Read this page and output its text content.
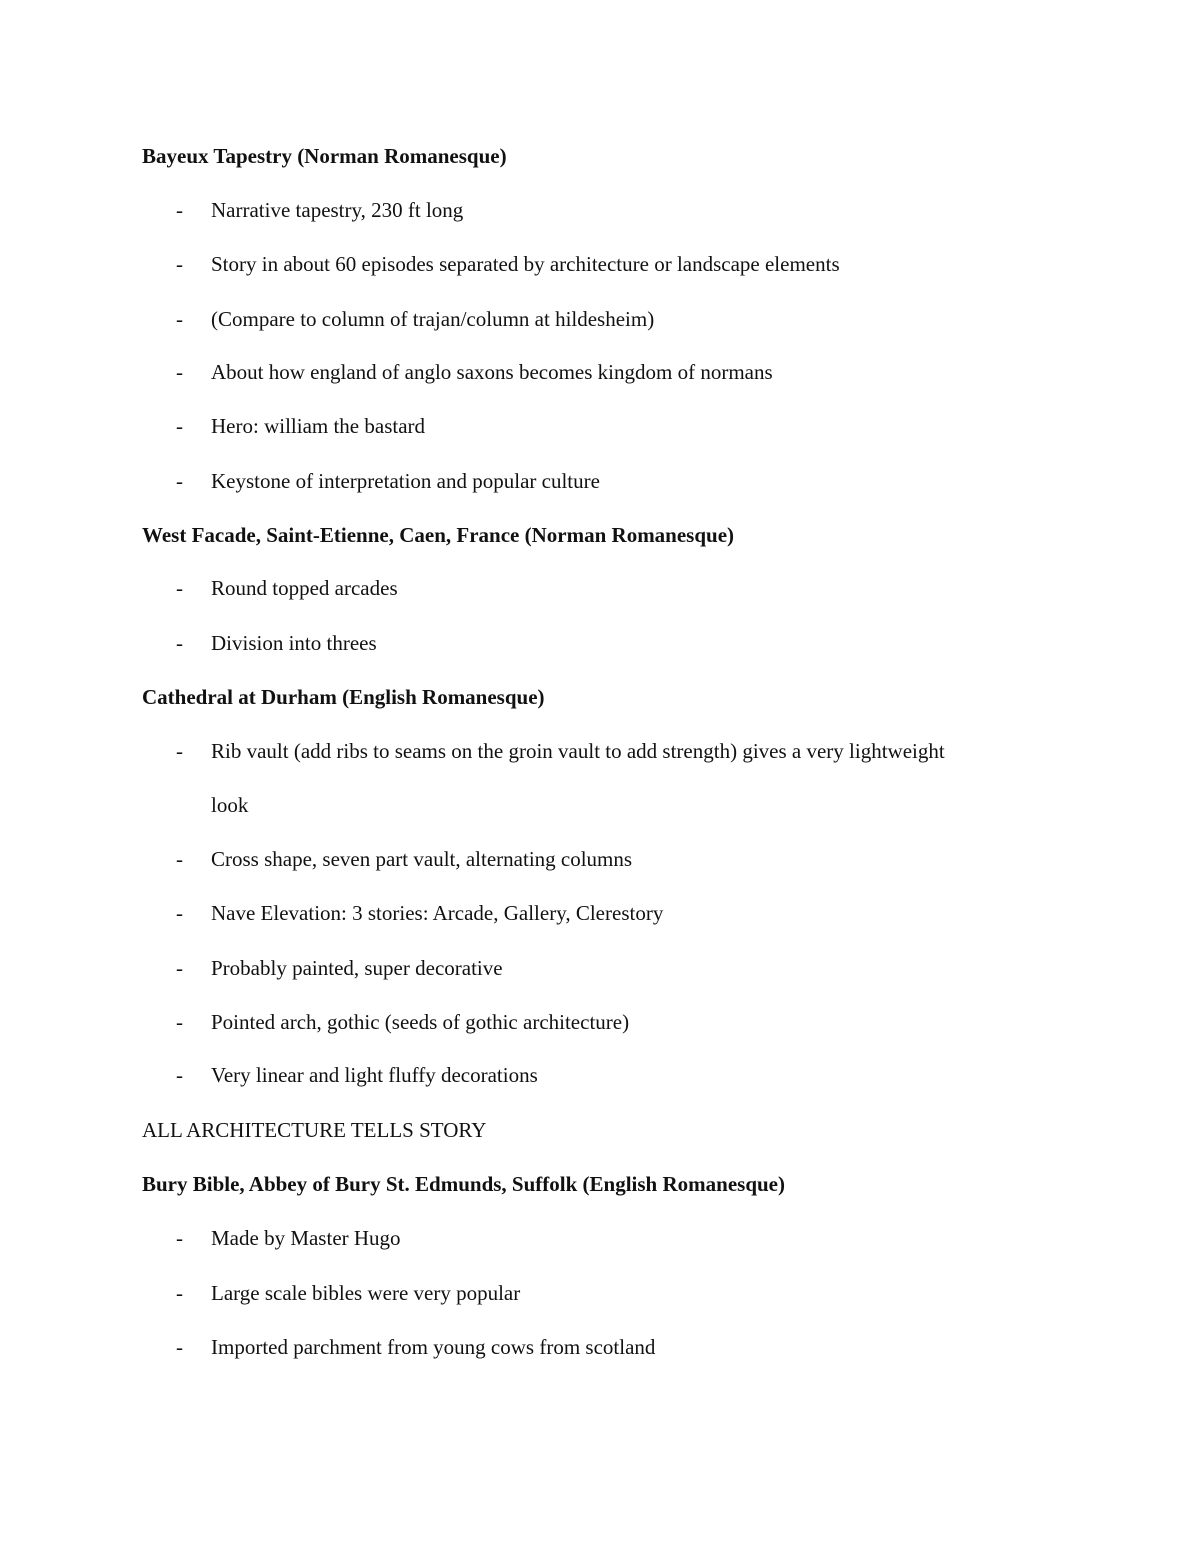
Bayeux Tapestry (Norman Romanesque)
- Narrative tapestry, 230 ft long
- Story in about 60 episodes separated by architecture or landscape elements
- (Compare to column of trajan/column at hildesheim)
- About how england of anglo saxons becomes kingdom of normans
- Hero: william the bastard
- Keystone of interpretation and popular culture
West Facade, Saint-Etienne, Caen, France (Norman Romanesque)
- Round topped arcades
- Division into threes
Cathedral at Durham (English Romanesque)
- Rib vault (add ribs to seams on the groin vault to add strength) gives a very lightweight
look
- Cross shape, seven part vault, alternating columns
- Nave Elevation: 3 stories: Arcade, Gallery, Clerestory
- Probably painted, super decorative
- Pointed arch, gothic (seeds of gothic architecture)
- Very linear and light fluffy decorations
ALL ARCHITECTURE TELLS STORY
Bury Bible, Abbey of Bury St. Edmunds, Suffolk (English Romanesque)
- Made by Master Hugo
- Large scale bibles were very popular
- Imported parchment from young cows from scotland
